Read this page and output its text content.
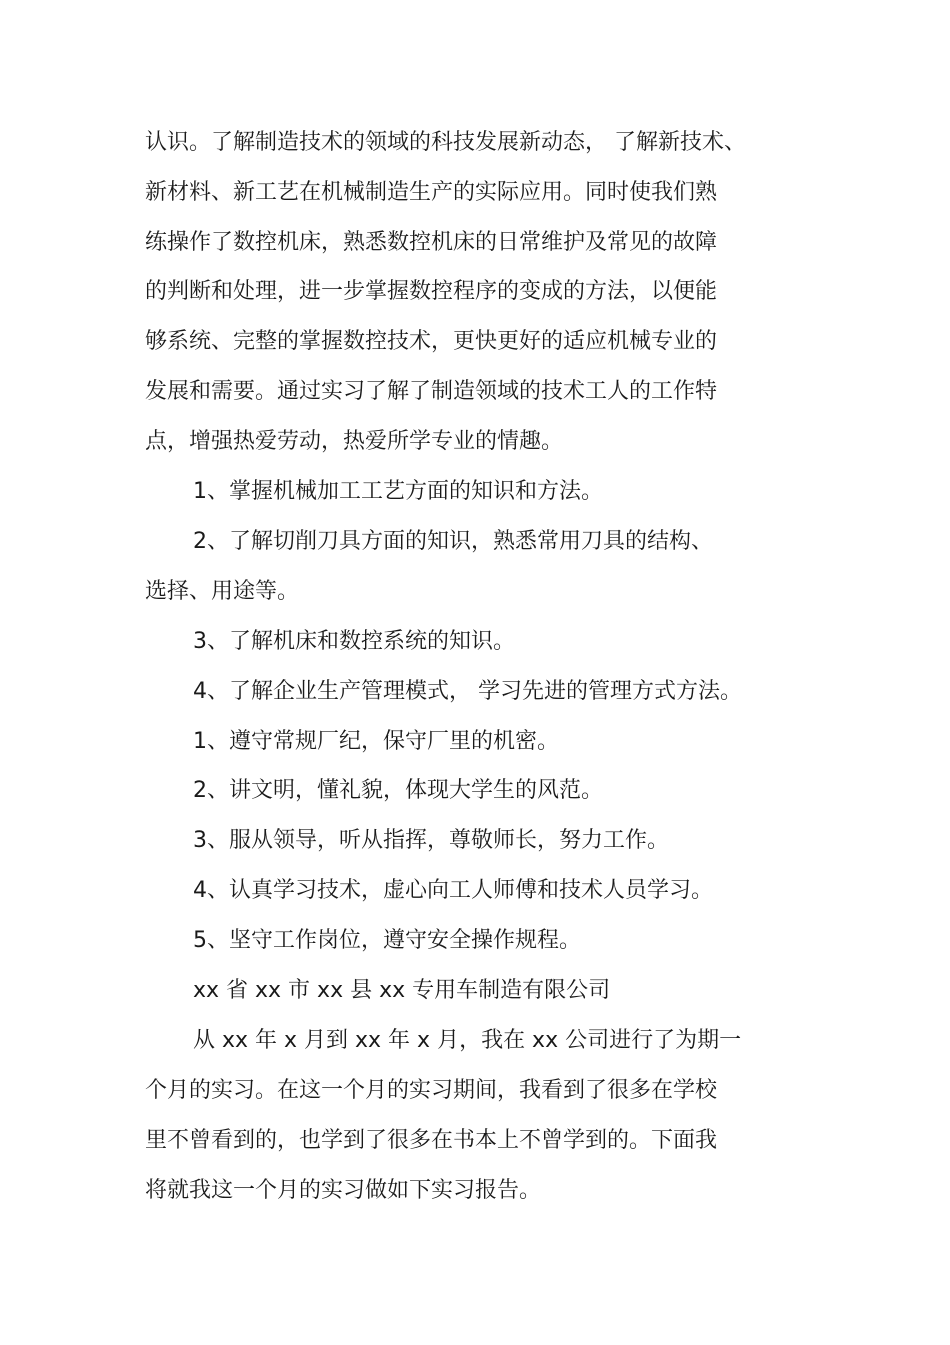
认识。了解制造技术的领域的科技发展新动态， 了解新技术、
新材料、新工艺在机械制造生产的实际应用。同时使我们熟
练操作了数控机床，熟悉数控机床的日常维护及常见的故障
的判断和处理，进一步掌握数控程序的变成的方法，以便能
够系统、完整的掌握数控技术，更快更好的适应机械专业的
发展和需要。通过实习了解了制造领域的技术工人的工作特
点，增强热爱劳动，热爱所学专业的情趣。
1、掌握机械加工工艺方面的知识和方法。
2、了解切削刀具方面的知识，熟悉常用刀具的结构、
选择、用途等。
3、了解机床和数控系统的知识。
4、了解企业生产管理模式， 学习先进的管理方式方法。
1、遵守常规厂纪，保守厂里的机密。
2、讲文明，懂礼貌，体现大学生的风范。
3、服从领导，听从指挥，尊敬师长，努力工作。
4、认真学习技术，虚心向工人师傅和技术人员学习。
5、坚守工作岗位，遵守安全操作规程。
xx 省 xx 市 xx 县 xx 专用车制造有限公司
从 xx 年 x 月到 xx 年 x 月，我在 xx 公司进行了为期一
个月的实习。在这一个月的实习期间，我看到了很多在学校
里不曾看到的，也学到了很多在书本上不曾学到的。下面我
将就我这一个月的实习做如下实习报告。
